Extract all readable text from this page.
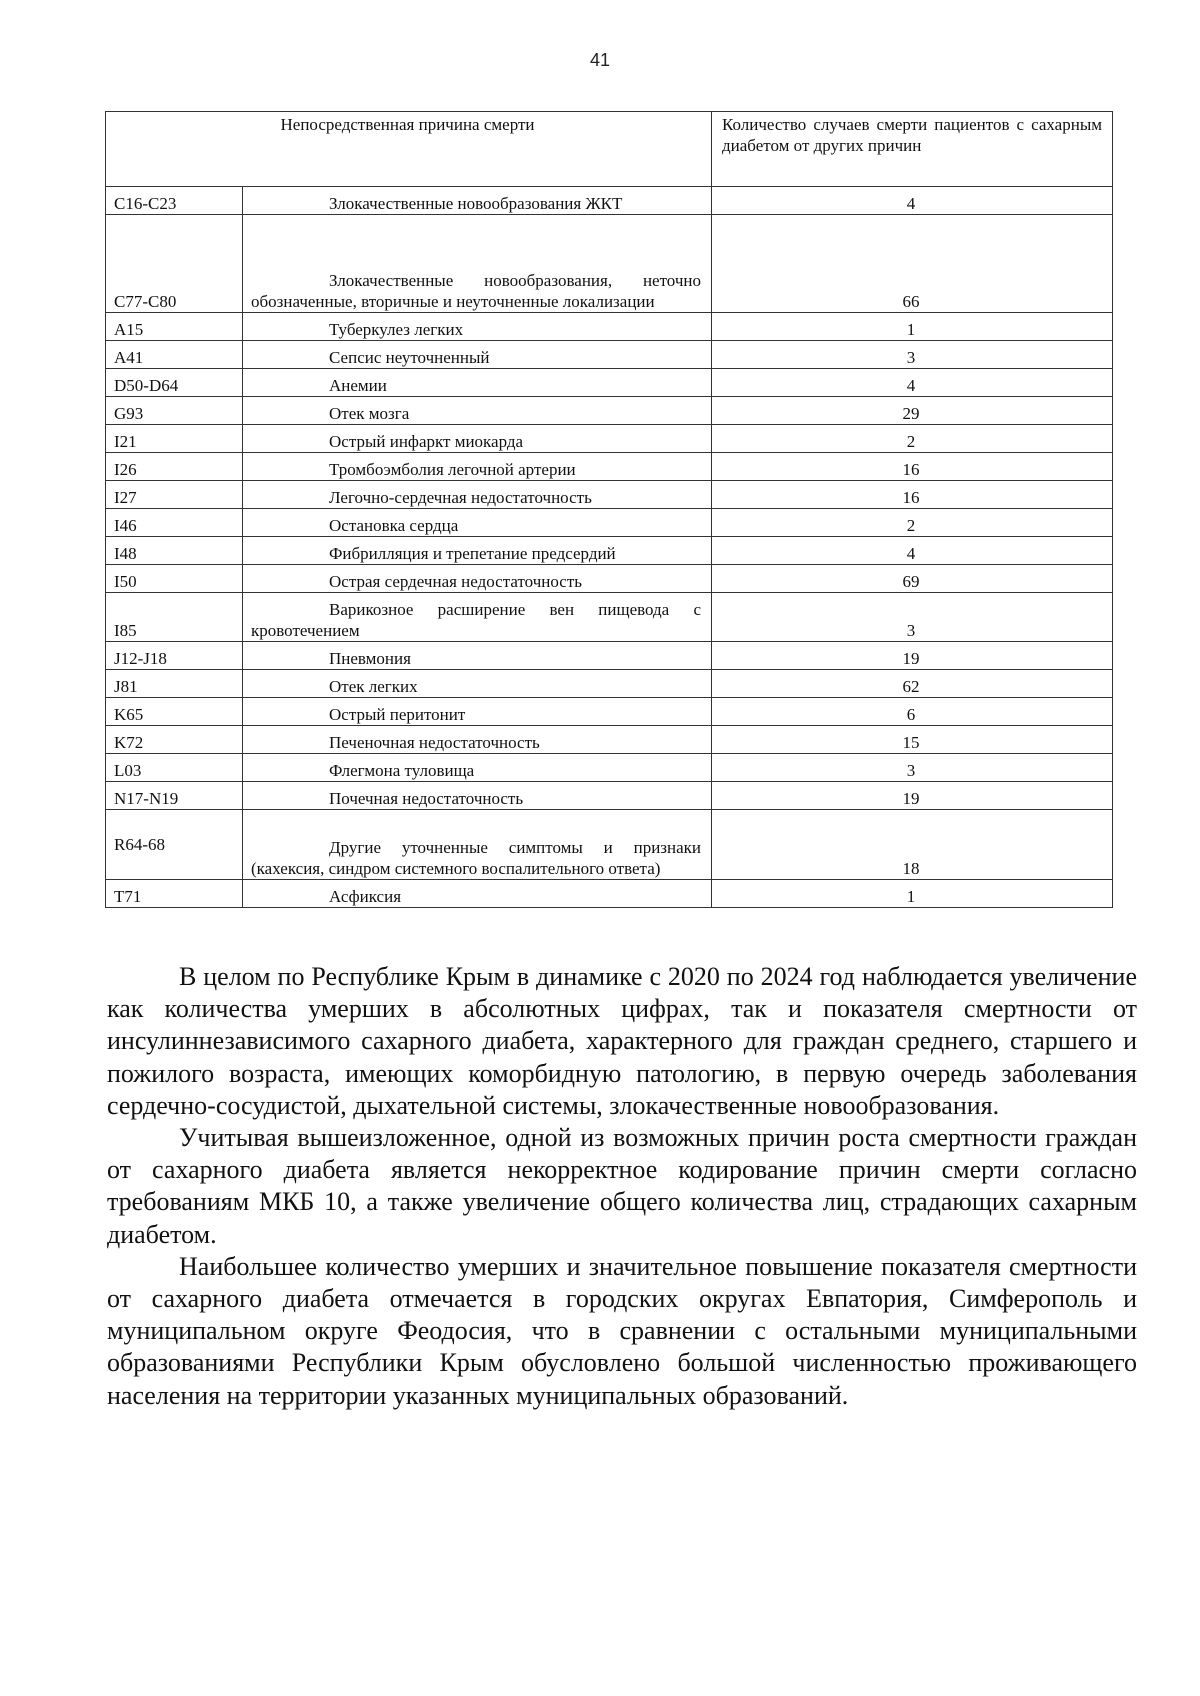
41
Непосредственная причина смерти		Количество случаев смерти пациентов с сахарным диабетом от других причин
C16-C23	Злокачественные новообразования ЖКТ	4
C77-C80	Злокачественные новообразования, неточно обозначенные, вторичные и неуточненные локализации	66
A15	Туберкулез легких	1
A41	Сепсис неуточненный	3
D50-D64	Анемии	4
G93	Отек мозга	29
I21	Острый инфаркт миокарда	2
I26	Тромбоэмболия легочной артерии	16
I27	Легочно-сердечная недостаточность	16
I46	Остановка сердца	2
I48	Фибрилляция и трепетание предсердий	4
I50	Острая сердечная недостаточность	69
I85	Варикозное расширение вен пищевода с кровотечением	3
J12-J18	Пневмония	19
J81	Отек легких	62
K65	Острый перитонит	6
K72	Печеночная недостаточность	15
L03	Флегмона туловища	3
N17-N19	Почечная недостаточность	19
R64-68	Другие уточненные симптомы и признаки (кахексия, синдром системного воспалительного ответа)	18
T71	Асфиксия	1

В целом по Республике Крым в динамике с 2020 по 2024 год наблюдается увеличение как количества умерших в абсолютных цифрах, так и показателя смертности от инсулиннезависимого сахарного диабета, характерного для граждан среднего, старшего и пожилого возраста, имеющих коморбидную патологию, в первую очередь заболевания сердечно-сосудистой, дыхательной системы, злокачественные новообразования.

Учитывая вышеизложенное, одной из возможных причин роста смертности граждан от сахарного диабета является некорректное кодирование причин смерти согласно требованиям МКБ 10, а также увеличение общего количества лиц, страдающих сахарным диабетом.

Наибольшее количество умерших и значительное повышение показателя смертности от сахарного диабета отмечается в городских округах Евпатория, Симферополь и муниципальном округе Феодосия, что в сравнении с остальными муниципальными образованиями Республики Крым обусловлено большой численностью проживающего населения на территории указанных муниципальных образований.
